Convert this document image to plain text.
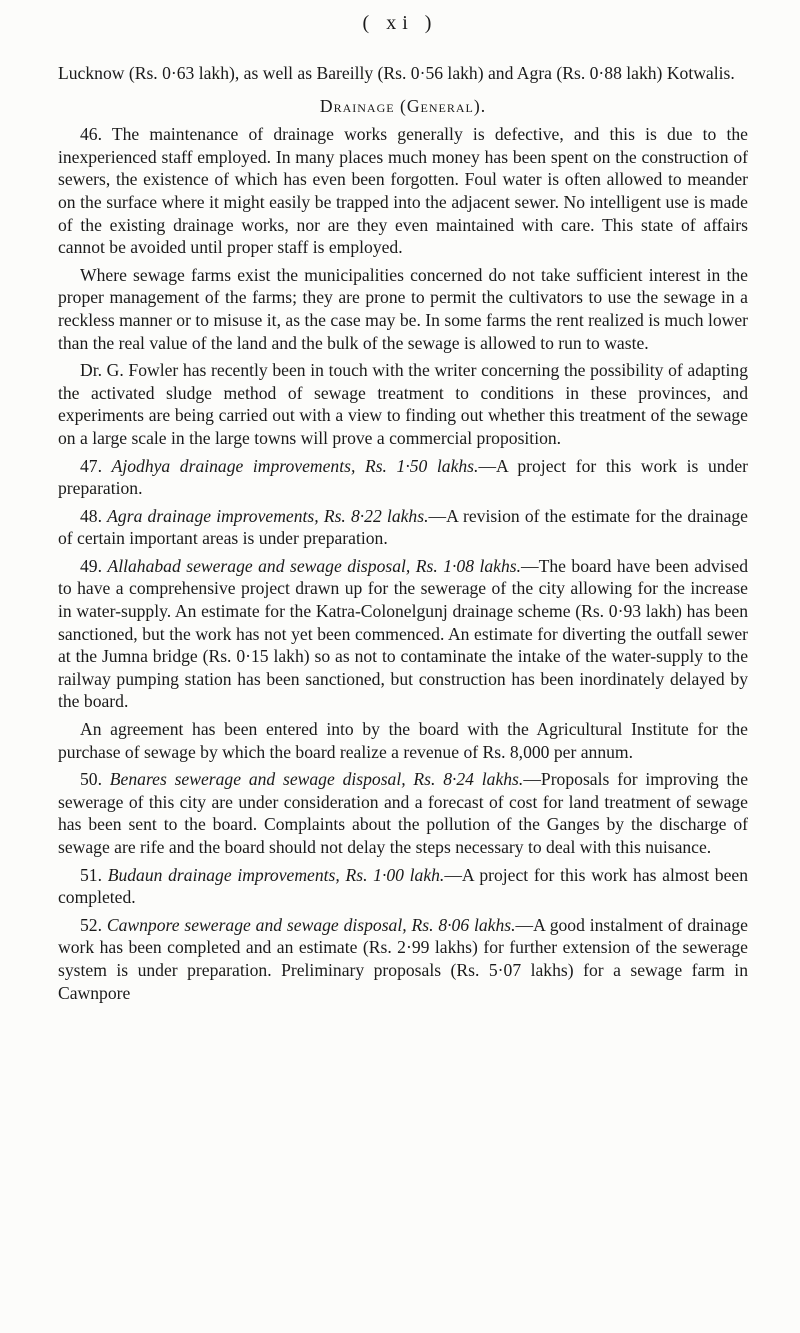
( xi )

Lucknow (Rs. 0·63 lakh), as well as Bareilly (Rs. 0·56 lakh) and Agra (Rs. 0·88 lakh) Kotwalis.

Drainage (General).

46. The maintenance of drainage works generally is defective, and this is due to the inexperienced staff employed. In many places much money has been spent on the construction of sewers, the existence of which has even been forgotten. Foul water is often allowed to meander on the surface where it might easily be trapped into the adjacent sewer. No intelligent use is made of the existing drainage works, nor are they even maintained with care. This state of affairs cannot be avoided until proper staff is employed.

Where sewage farms exist the municipalities concerned do not take sufficient interest in the proper management of the farms; they are prone to permit the cultivators to use the sewage in a reckless manner or to misuse it, as the case may be. In some farms the rent realized is much lower than the real value of the land and the bulk of the sewage is allowed to run to waste.

Dr. G. Fowler has recently been in touch with the writer concerning the possibility of adapting the activated sludge method of sewage treatment to conditions in these provinces, and experiments are being carried out with a view to finding out whether this treatment of the sewage on a large scale in the large towns will prove a commercial proposition.

47. Ajodhya drainage improvements, Rs. 1·50 lakhs.—A project for this work is under preparation.

48. Agra drainage improvements, Rs. 8·22 lakhs.—A revision of the estimate for the drainage of certain important areas is under preparation.

49. Allahabad sewerage and sewage disposal, Rs. 1·08 lakhs.—The board have been advised to have a comprehensive project drawn up for the sewerage of the city allowing for the increase in water-supply. An estimate for the Katra-Colonelgunj drainage scheme (Rs. 0·93 lakh) has been sanctioned, but the work has not yet been commenced. An estimate for diverting the outfall sewer at the Jumna bridge (Rs. 0·15 lakh) so as not to contaminate the intake of the water-supply to the railway pumping station has been sanctioned, but construction has been inordinately delayed by the board.

An agreement has been entered into by the board with the Agricultural Institute for the purchase of sewage by which the board realize a revenue of Rs. 8,000 per annum.

50. Benares sewerage and sewage disposal, Rs. 8·24 lakhs.—Proposals for improving the sewerage of this city are under consideration and a forecast of cost for land treatment of sewage has been sent to the board. Complaints about the pollution of the Ganges by the discharge of sewage are rife and the board should not delay the steps necessary to deal with this nuisance.

51. Budaun drainage improvements, Rs. 1·00 lakh.—A project for this work has almost been completed.

52. Cawnpore sewerage and sewage disposal, Rs. 8·06 lakhs.—A good instalment of drainage work has been completed and an estimate (Rs. 2·99 lakhs) for further extension of the sewerage system is under preparation. Preliminary proposals (Rs. 5·07 lakhs) for a sewage farm in Cawnpore
